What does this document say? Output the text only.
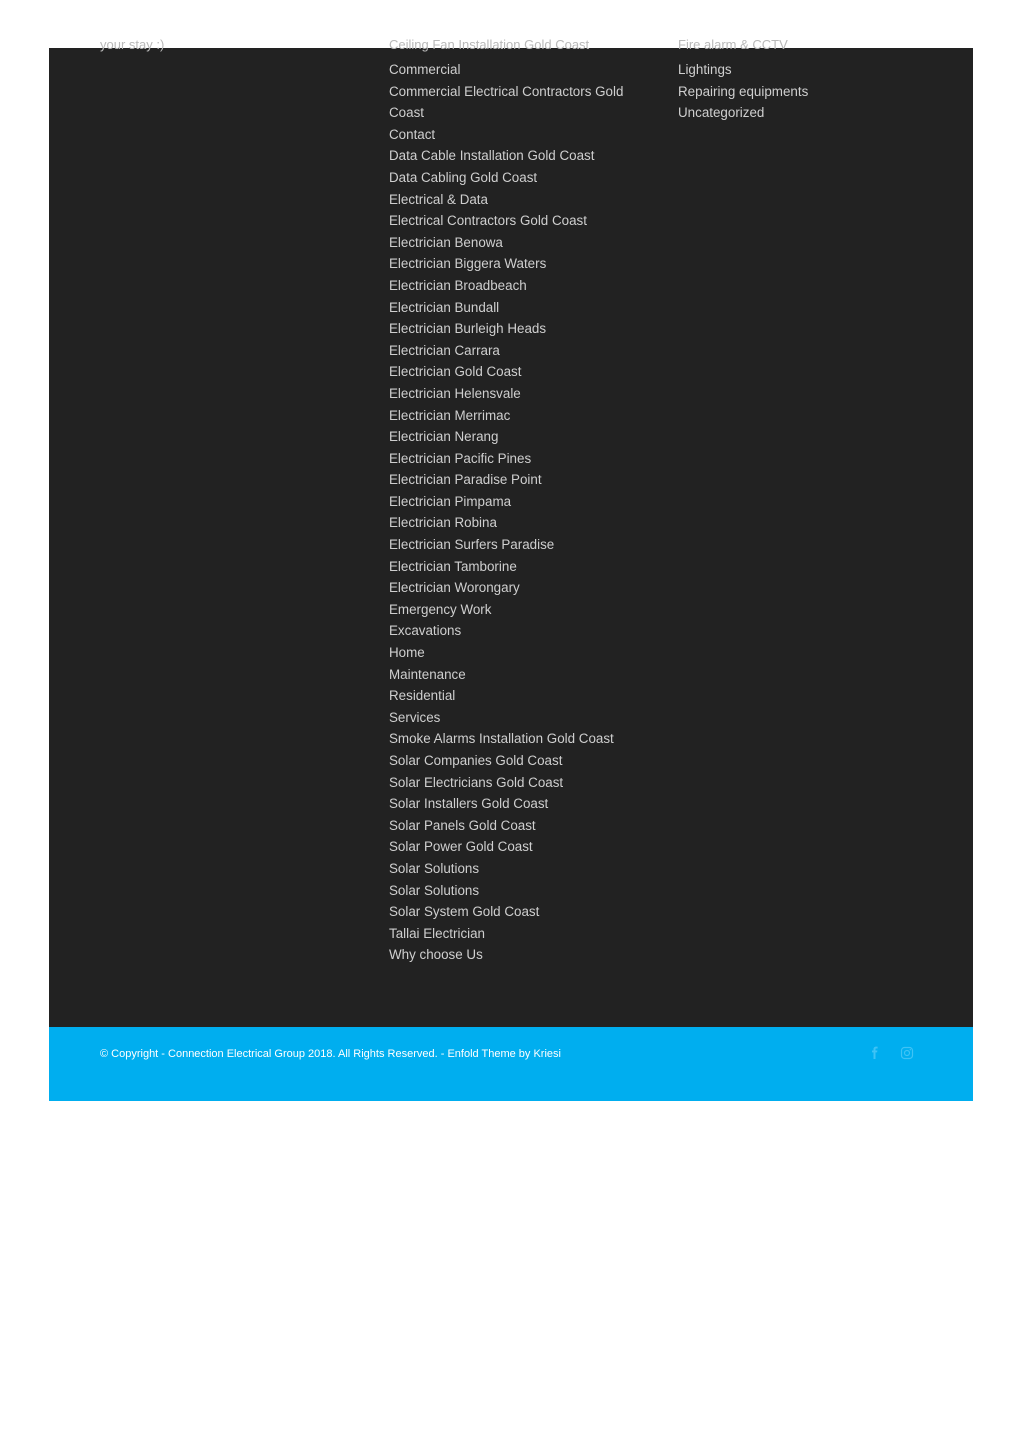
your stay :)	Ceiling Fan Installation Gold Coast	Fire alarm & CCTV
Commercial
Commercial Electrical Contractors Gold Coast
Contact
Data Cable Installation Gold Coast
Data Cabling Gold Coast
Electrical & Data
Electrical Contractors Gold Coast
Electrician Benowa
Electrician Biggera Waters
Electrician Broadbeach
Electrician Bundall
Electrician Burleigh Heads
Electrician Carrara
Electrician Gold Coast
Electrician Helensvale
Electrician Merrimac
Electrician Nerang
Electrician Pacific Pines
Electrician Paradise Point
Electrician Pimpama
Electrician Robina
Electrician Surfers Paradise
Electrician Tamborine
Electrician Worongary
Emergency Work
Excavations
Home
Maintenance
Residential
Services
Smoke Alarms Installation Gold Coast
Solar Companies Gold Coast
Solar Electricians Gold Coast
Solar Installers Gold Coast
Solar Panels Gold Coast
Solar Power Gold Coast
Solar Solutions
Solar Solutions
Solar System Gold Coast
Tallai Electrician
Why choose Us
Lightings
Repairing equipments
Uncategorized
© Copyright - Connection Electrical Group 2018. All Rights Reserved. - Enfold Theme by Kriesi
